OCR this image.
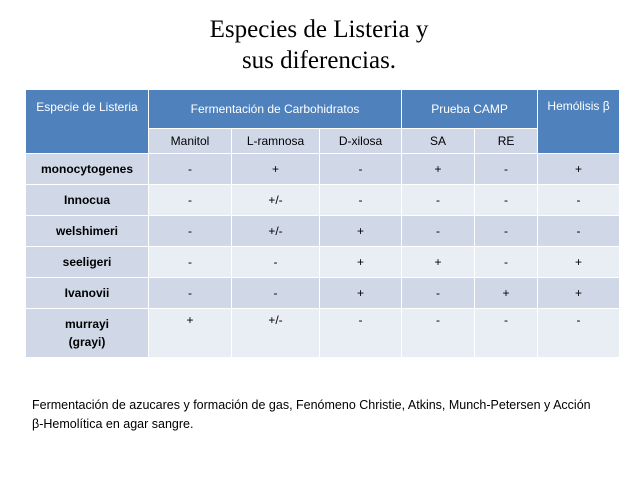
Especies de Listeria y
sus diferencias.
Especie de Listeria	Fermentación de Carbohidratos			Prueba CAMP		Hemólisis β
	Manitol	L-ramnosa	D-xilosa	SA	RE	
monocytogenes	-	+	-	+	-	+
Innocua	-	+/-	-	-	-	-
welshimeri	-	+/-	+	-	-	-
seeligeri	-	-	+	+	-	+
Ivanovii	-	-	+	-	+	+
murrayi
(grayi)	+	+/-	-	-	-	-
Fermentación de azucares y formación de gas, Fenómeno Christie, Atkins, Munch-Petersen y Acción β-Hemolítica en agar sangre.
